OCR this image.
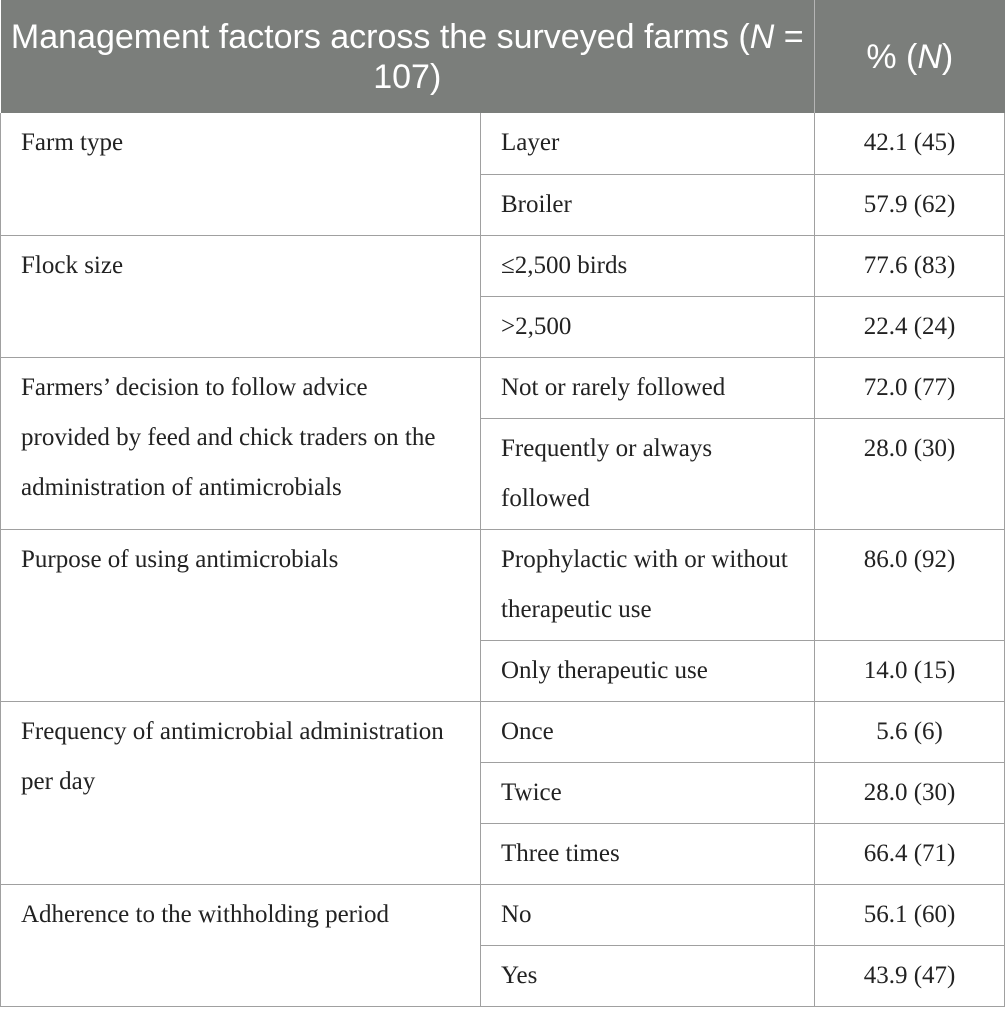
Management factors across the surveyed farms (N = 107)		% (N)
Farm type	Layer	42.1 (45)
	Broiler	57.9 (62)
Flock size	≤2,500 birds	77.6 (83)
	>2,500	22.4 (24)
Farmers’ decision to follow advice provided by feed and chick traders on the administration of antimicrobials	Not or rarely followed	72.0 (77)
	Frequently or always followed	28.0 (30)
Purpose of using antimicrobials	Prophylactic with or without therapeutic use	86.0 (92)
	Only therapeutic use	14.0 (15)
Frequency of antimicrobial administration per day	Once	5.6 (6)
	Twice	28.0 (30)
	Three times	66.4 (71)
Adherence to the withholding period	No	56.1 (60)
	Yes	43.9 (47)
